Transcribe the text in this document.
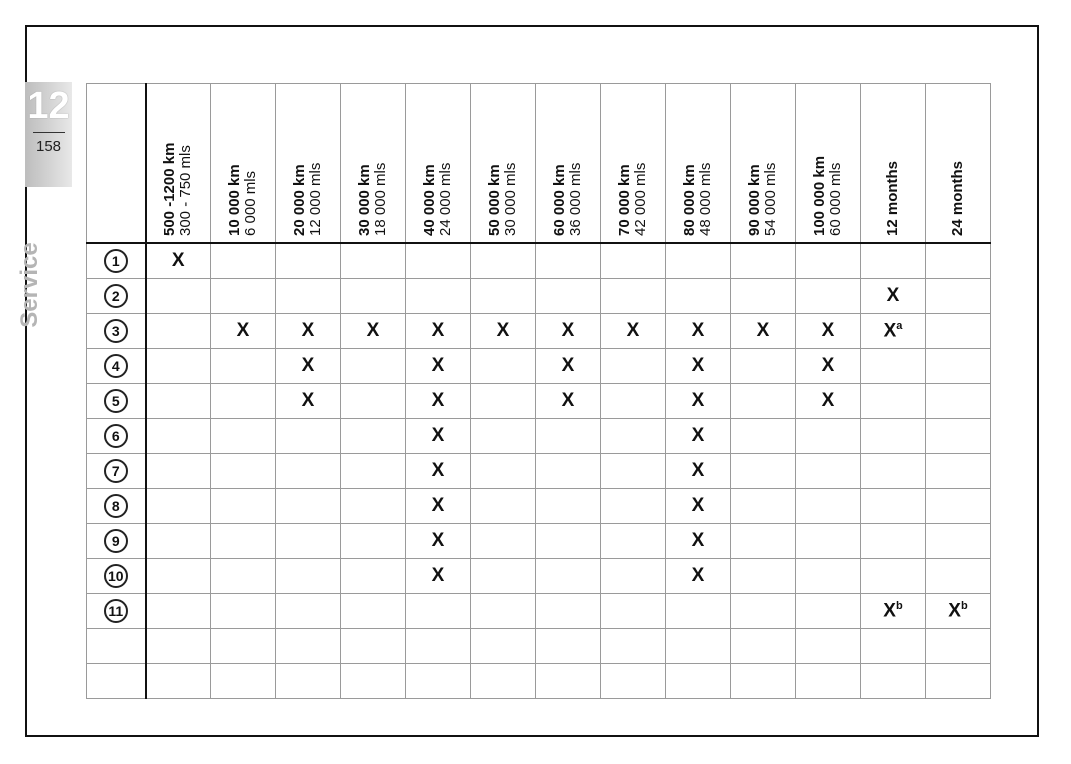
12
158
Service

	500 -1200 km 300 - 750 mls	10 000 km 6 000 mls	20 000 km 12 000 mls	30 000 km 18 000 mls	40 000 km 24 000 mls	50 000 km 30 000 mls	60 000 km 36 000 mls	70 000 km 42 000 mls	80 000 km 48 000 mls	90 000 km 54 000 mls	100 000 km 60 000 mls	12 months	24 months

1	X												
2												X	
3		X	X	X	X	X	X	X	X	X	X	$X^a$	
4			X		X		X		X		X		
5			X		X		X		X		X		
6					X				X				
7					X				X				
8					X				X				
9					X				X				
10					X				X				
11												$X^b$	$X^b$
